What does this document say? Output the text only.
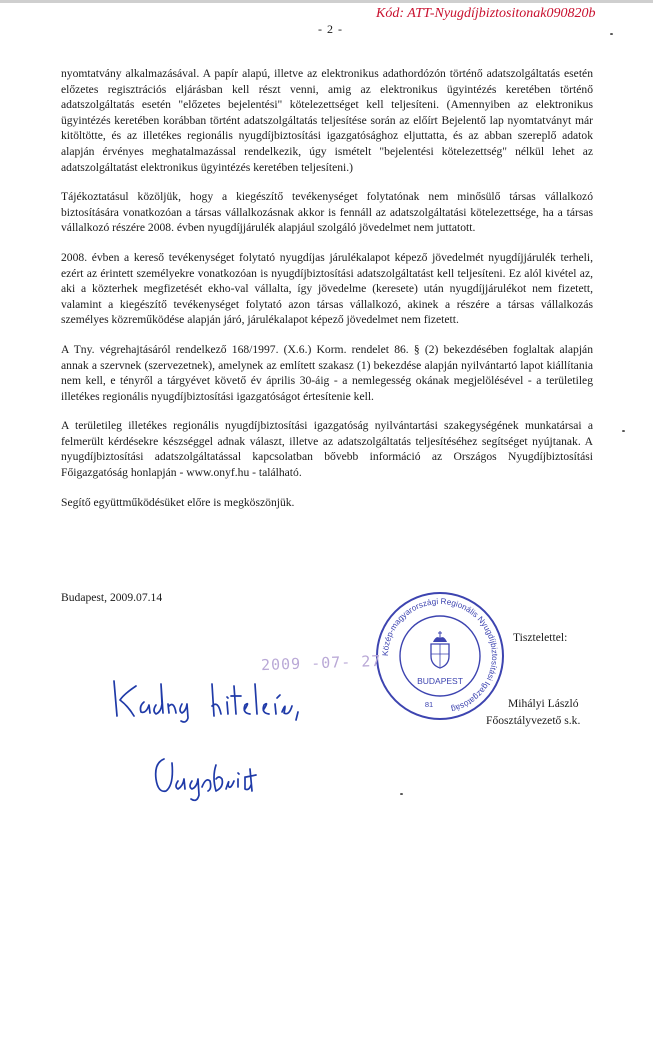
- 2 -
Kód: ATT-Nyugdíjbiztositonak090820b

nyomtatvány alkalmazásával. A papír alapú, illetve az elektronikus adathordózón történő adatszolgáltatás esetén előzetes regisztrációs eljárásban kell részt venni, amig az elektronikus ügyintézés keretében történő adatszolgáltatás esetén "előzetes bejelentési" kötelezettséget kell teljesíteni. (Amennyiben az elektronikus ügyintézés keretében korábban történt adatszolgáltatás teljesítése során az előírt Bejelentő lap nyomtatványt már kitöltötte, és az illetékes regionális nyugdíjbiztosítási igazgatósághoz eljuttatta, és az abban szereplő adatok alapján érvényes meghatalmazással rendelkezik, úgy ismételt "bejelentési kötelezettség" nélkül lehet az adatszolgáltatást elektronikus ügyintézés keretében teljesíteni.)

Tájékoztatásul közöljük, hogy a kiegészítő tevékenységet folytatónak nem minősülő társas vállalkozó biztosítására vonatkozóan a társas vállalkozásnak akkor is fennáll az adatszolgáltatási kötelezettsége, ha a társas vállalkozó részére 2008. évben nyugdíjjárulék alapjául szolgáló jövedelmet nem juttatott.

2008. évben a kereső tevékenységet folytató nyugdíjas járulékalapot képező jövedelmét nyugdíjjárulék terheli, ezért az érintett személyekre vonatkozóan is nyugdíjbiztosítási adatszolgáltatást kell teljesíteni. Ez alól kivétel az, aki a közterhek megfizetését ekho-val vállalta, így jövedelme (keresete) után nyugdíjjárulékot nem fizetett, valamint a kiegészítő tevékenységet folytató azon társas vállalkozó, akinek a részére a társas vállalkozás személyes közreműködése alapján járó, járulékalapot képező jövedelmet nem fizetett.

A Tny. végrehajtásáról rendelkező 168/1997. (X.6.) Korm. rendelet 86. § (2) bekezdésében foglaltak alapján annak a szervnek (szervezetnek), amelynek az említett szakasz (1) bekezdése alapján nyilvántartó lapot kiállítania nem kell, e tényről a tárgyévet követő év április 30-áig - a nemlegesség okának megjelölésével - a területileg illetékes regionális nyugdíjbiztosítási igazgatóságot értesítenie kell.

A területileg illetékes regionális nyugdíjbiztosítási igazgatóság nyilvántartási szakegységének munkatársai a felmerült kérdésekre készséggel adnak választ, illetve az adatszolgáltatás teljesítéséhez segítséget nyújtanak. A nyugdíjbiztosítási adatszolgáltatással kapcsolatban bővebb információ az Országos Nyugdíjbiztosítási Főigazgatóság honlapján - www.onyf.hu - található.

Segítő együttműködésüket előre is megköszönjük.

Budapest, 2009.07.14
Közép-magyarországi Regionális Nyugdíjbiztosítási Igazgatóság
BUDAPEST
81
2009 -07- 27
Tisztelettel:
Mihályi László
Főosztályvezető s.k.
Kiadmány hiteléül:
Vágó Erzsébet
